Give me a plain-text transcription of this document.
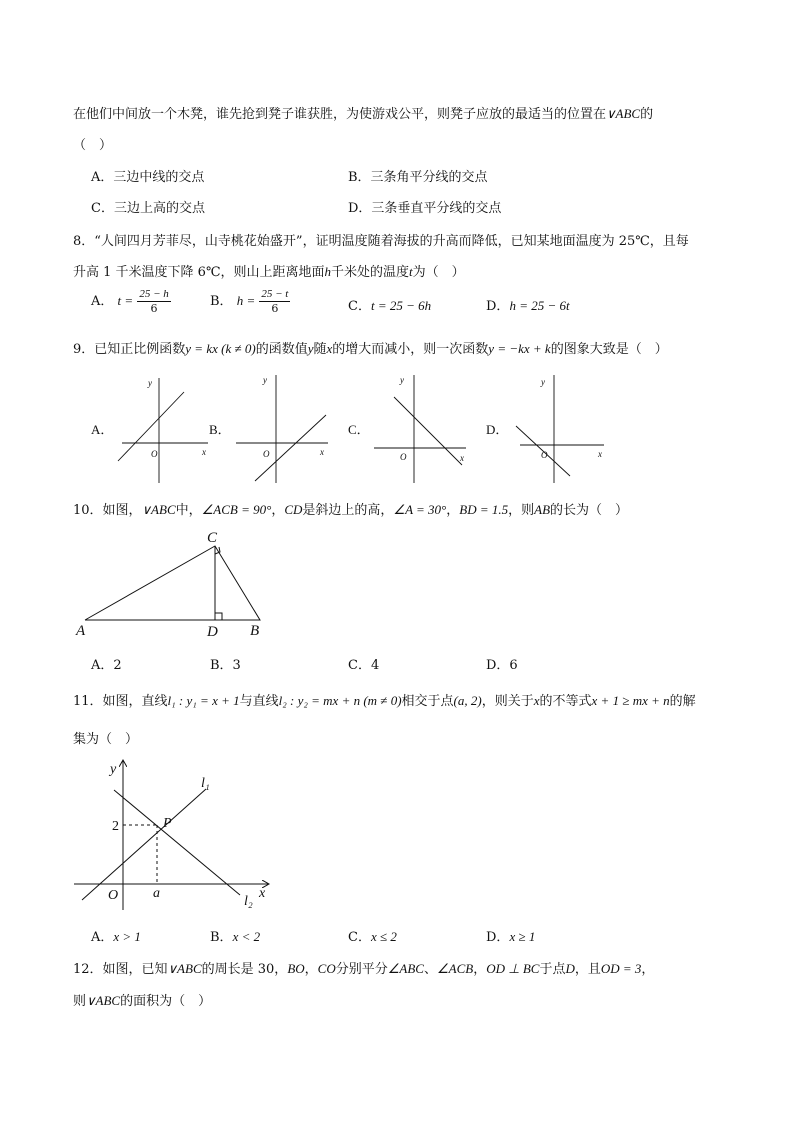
在他们中间放一个木凳，谁先抢到凳子谁获胜，为使游戏公平，则凳子应放的最适当的位置在∨ABC的
（　）
A．三边中线的交点	B．三条角平分线的交点
C．三边上高的交点	D．三条垂直平分线的交点
8．“人间四月芳菲尽，山寺桃花始盛开”，证明温度随着海拔的升高而降低，已知某地面温度为 25℃，且每
升高 1 千米温度下降 6℃，则山上距离地面h千米处的温度t为（　）
A． $t = \frac{25 - h}{6}$	B． $h = \frac{25 - t}{6}$	C．t = 25 − 6h	D．h = 25 − 6t
9．已知正比例函数y = kx (k ≠ 0)的函数值y随x的增大而减小，则一次函数y = −kx + k的图象大致是（　）
A．
O	x
y
B．
O	x
y
C．
O	x
y
D．
O	x
y
10．如图，∨ABC中，∠ACB = 90°，CD是斜边上的高，∠A = 30°，BD = 1.5，则AB的长为（　）
A
C
D B
A．2	B．3	C．4	D．6
11．如图，直线l₁ : y₁ = x + 1与直线l₂ : y₂ = mx + n (m ≠ 0)相交于点(a, 2)，则关于x的不等式x + 1 ≥ mx + n的解
集为（　）
y
x
O
2	P
a
l₁
l₂
A．x > 1	B．x < 2	C．x ≤ 2	D．x ≥ 1
12．如图，已知∨ABC的周长是 30，BO，CO分别平分∠ABC、∠ACB，OD ⊥ BC于点D，且OD = 3，
则∨ABC的面积为（　）
